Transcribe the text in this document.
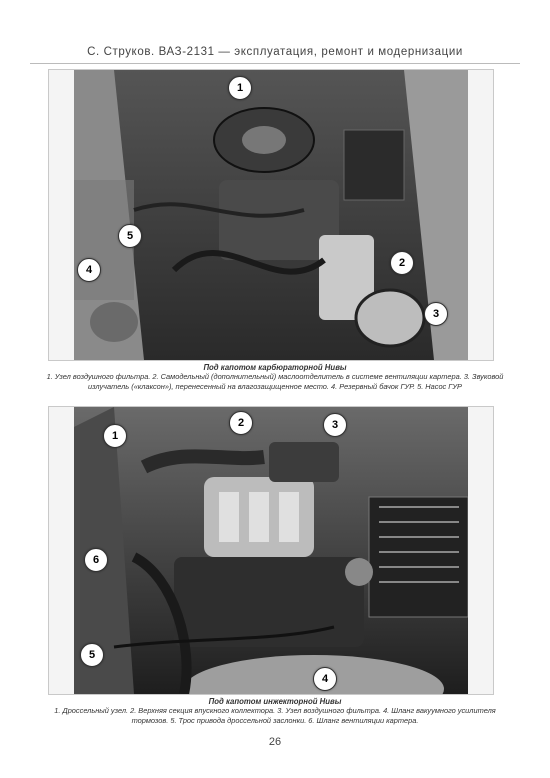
С. Струков. ВАЗ-2131 — эксплуатация, ремонт и модернизации
1
2
3
4
5
Под капотом карбюраторной Нивы
1. Узел воздушного фильтра. 2. Самодельный (дополнительный) маслоотделитель в системе вентиляции картера. 3. Звуковой излучатель («клаксон»), перенесенный на влагозащищенное место. 4. Резервный бачок ГУР. 5. Насос ГУР
1
2	3
4
5
6
Под капотом инжекторной Нивы
1. Дроссельный узел. 2. Верхняя секция впускного коллектора. 3. Узел воздушного фильтра. 4. Шланг вакуумного усилителя тормозов. 5. Трос привода дроссельной заслонки. 6. Шланг вентиляции картера.
26
